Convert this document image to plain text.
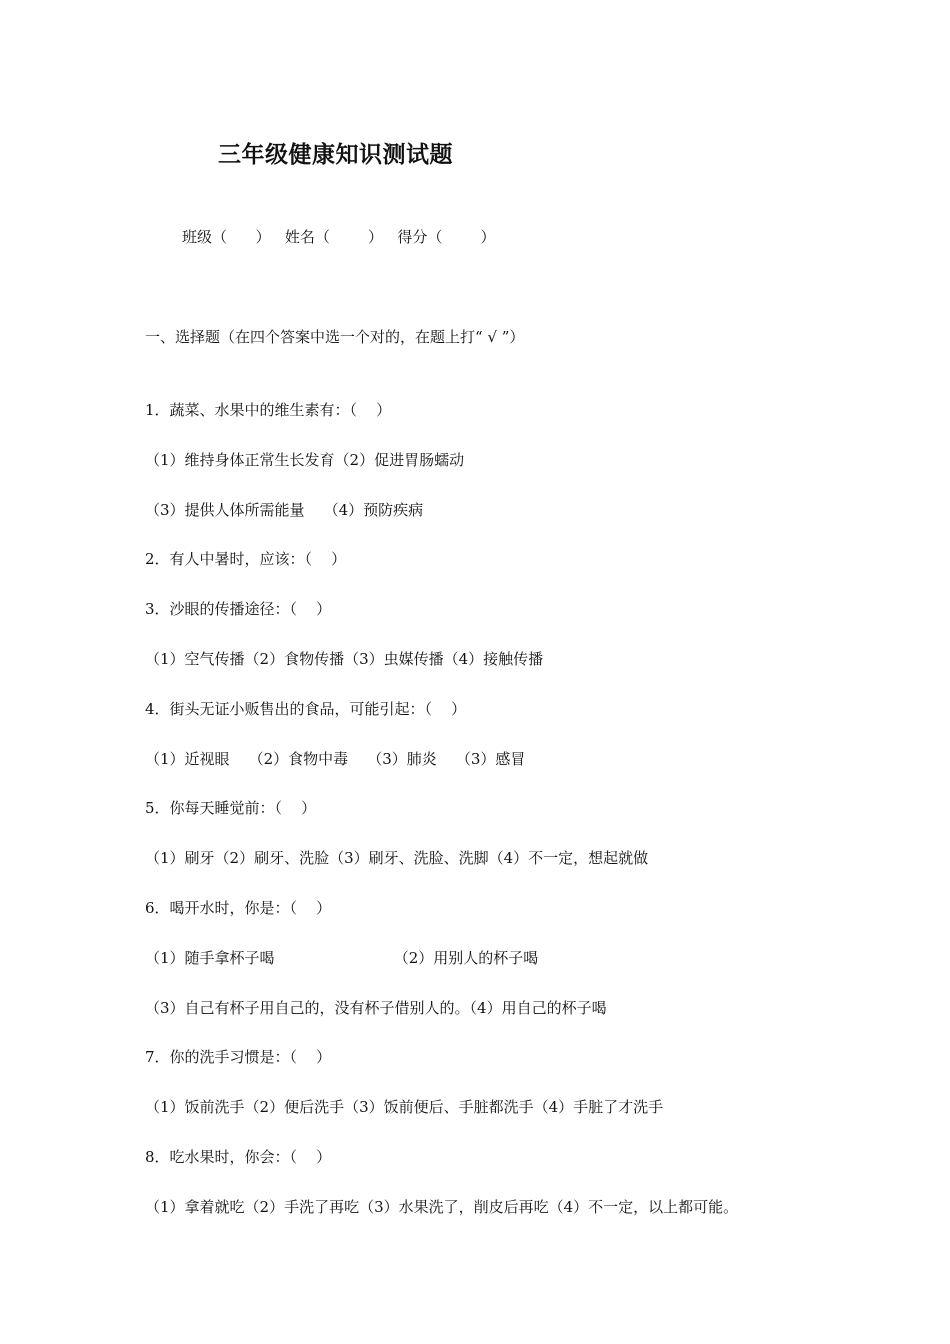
三年级健康知识测试题
班级（      ）   姓名（        ）   得分（        ）
一、选择题（在四个答案中选一个对的，在题上打“ √ ”）
1．蔬菜、水果中的维生素有：（    ）
（1）维持身体正常生长发育（2）促进胃肠蠕动
（3）提供人体所需能量    （4）预防疾病
2．有人中暑时，应该：（    ）
3．沙眼的传播途径：（    ）
（1）空气传播（2）食物传播（3）虫媒传播（4）接触传播
4．街头无证小贩售出的食品，可能引起：（    ）
（1）近视眼    （2）食物中毒    （3）肺炎    （3）感冒
5．你每天睡觉前：（    ）
（1）刷牙（2）刷牙、洗脸（3）刷牙、洗脸、洗脚（4）不一定，想起就做
6．喝开水时，你是：（    ）
（1）随手拿杯子喝                         （2）用别人的杯子喝
（3）自己有杯子用自己的，没有杯子借别人的。（4）用自己的杯子喝
7．你的洗手习惯是：（    ）
（1）饭前洗手（2）便后洗手（3）饭前便后、手脏都洗手（4）手脏了才洗手
8．吃水果时，你会：（    ）
（1）拿着就吃（2）手洗了再吃（3）水果洗了，削皮后再吃（4）不一定，以上都可能。
